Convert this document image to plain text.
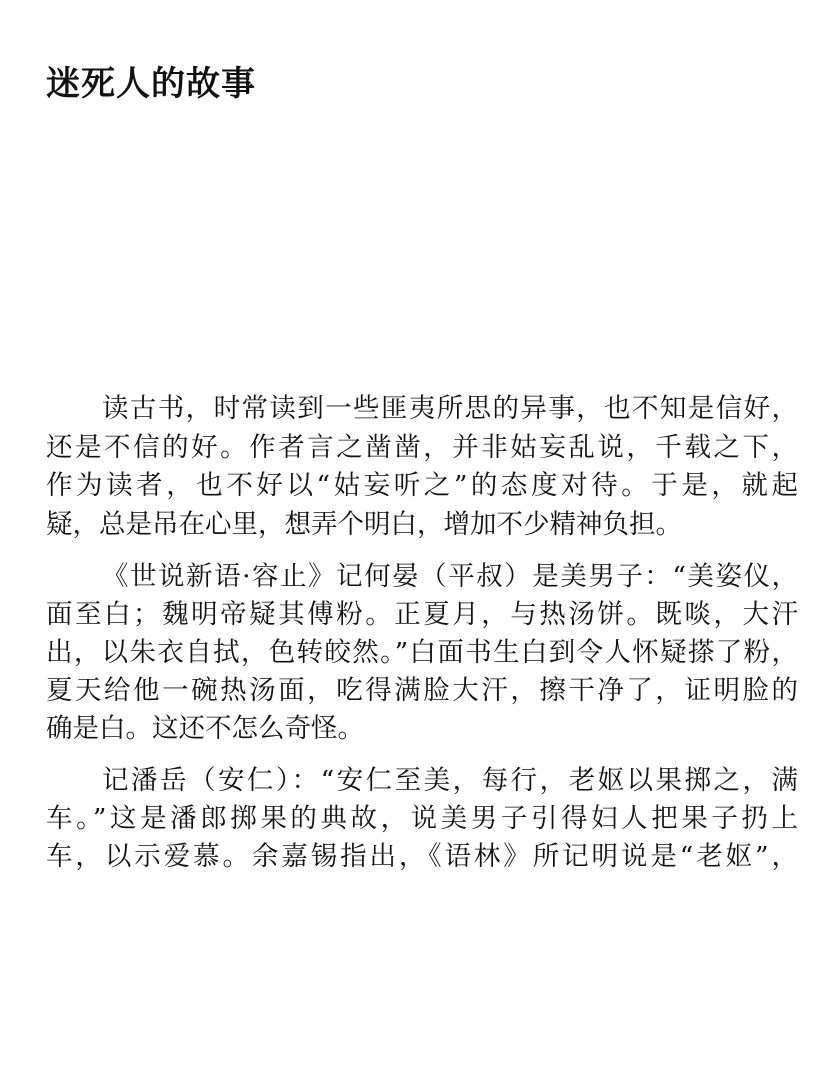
迷死人的故事

读古书，时常读到一些匪夷所思的异事，也不知是信好，
还是不信的好。作者言之凿凿，并非姑妄乱说，千载之下，
作为读者，也不好以“姑妄听之”的态度对待。于是，就起
疑，总是吊在心里，想弄个明白，增加不少精神负担。

《世说新语·容止》记何晏（平叔）是美男子：“美姿仪，
面至白；魏明帝疑其傅粉。正夏月，与热汤饼。既啖，大汗
出，以朱衣自拭，色转皎然。”白面书生白到令人怀疑搽了粉，
夏天给他一碗热汤面，吃得满脸大汗，擦干净了，证明脸的
确是白。这还不怎么奇怪。

记潘岳（安仁）：“安仁至美，每行，老妪以果掷之，满
车。”这是潘郎掷果的典故，说美男子引得妇人把果子扔上
车，以示爱慕。余嘉锡指出，《语林》所记明说是“老妪”，
